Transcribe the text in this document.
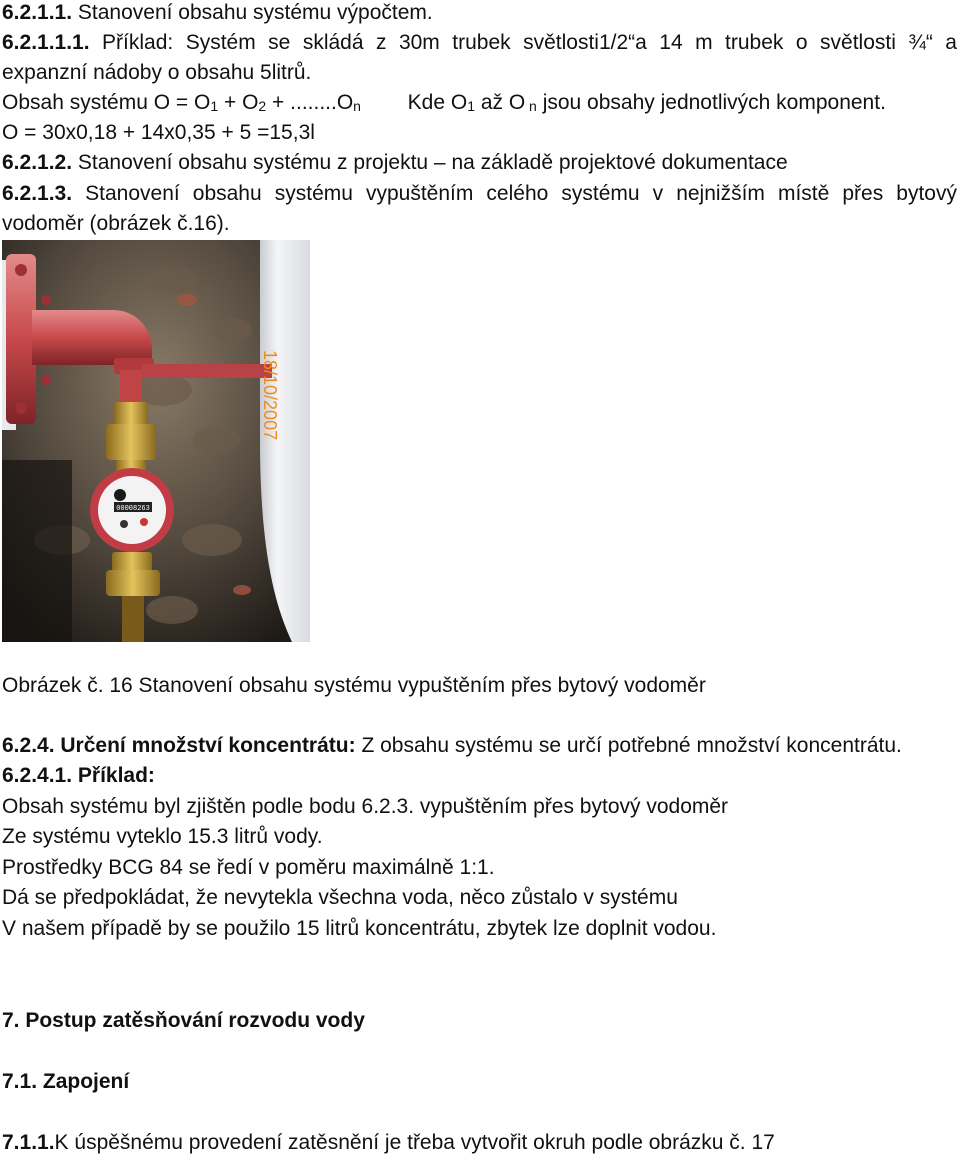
6.2.1.1. Stanovení obsahu systému výpočtem.
6.2.1.1.1. Příklad: Systém se skládá z 30m trubek světlosti1/2“a 14 m trubek o světlosti ¾“ a
expanzní nádoby o obsahu 5litrů.
Obsah systému $O = O_1 + O_2 + ........O_n$        Kde $O_1$ až O $_n$ jsou obsahy jednotlivých komponent.
O = 30x0,18 + 14x0,35 + 5 =15,3l
6.2.1.2. Stanovení obsahu systému z projektu – na základě projektové dokumentace
6.2.1.3. Stanovení obsahu systému vypuštěním celého systému v nejnižším místě přes bytový
vodoměr (obrázek č.16).
00008263
18/10/2007
Obrázek č. 16 Stanovení obsahu systému vypuštěním přes bytový vodoměr
6.2.4. Určení množství koncentrátu: Z obsahu systému se určí potřebné množství koncentrátu.
6.2.4.1. Příklad:
Obsah systému byl zjištěn podle bodu 6.2.3. vypuštěním přes bytový vodoměr
Ze systému vyteklo 15.3 litrů vody.
Prostředky BCG 84 se ředí v poměru maximálně 1:1.
Dá se předpokládat, že nevytekla všechna voda, něco zůstalo v systému
V našem případě by se použilo 15 litrů koncentrátu, zbytek lze doplnit vodou.
7. Postup zatěsňování rozvodu vody
7.1. Zapojení
7.1.1.K úspěšnému provedení zatěsnění je třeba vytvořit okruh podle obrázku č. 17
